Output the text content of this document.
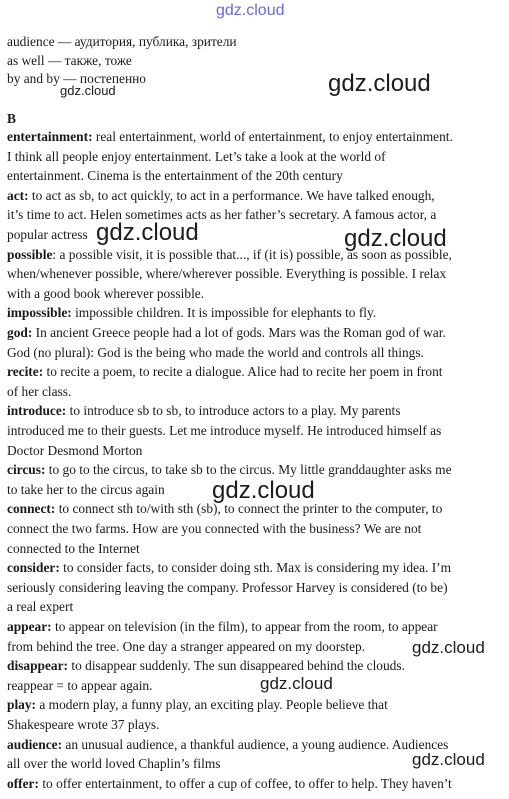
gdz.cloud
audience — аудитория, публика, зрители
as well — также, тоже
by and by — постепенно
gdz.cloud	gdz.cloud
B
entertainment: real entertainment, world of entertainment, to enjoy entertainment.
I think all people enjoy entertainment. Let’s take a look at the world of
entertainment. Cinema is the entertainment of the 20th century
act: to act as sb, to act quickly, to act in a performance. We have talked enough,
it’s time to act. Helen sometimes acts as her father’s secretary. A famous actor, a
popular actress
possible: a possible visit, it is possible that..., if (it is) possible, as soon as possible,
when/whenever possible, where/wherever possible. Everything is possible. I relax
with a good book wherever possible.
impossible: impossible children. It is impossible for elephants to fly.
god: In ancient Greece people had a lot of gods. Mars was the Roman god of war.
God (no plural): God is the being who made the world and controls all things.
recite: to recite a poem, to recite a dialogue. Alice had to recite her poem in front
of her class.
introduce: to introduce sb to sb, to introduce actors to a play. My parents
introduced me to their guests. Let me introduce myself. He introduced himself as
Doctor Desmond Morton
circus: to go to the circus, to take sb to the circus. My little granddaughter asks me
to take her to the circus again
connect: to connect sth to/with sth (sb), to connect the printer to the computer, to
connect the two farms. How are you connected with the business? We are not
connected to the Internet
consider: to consider facts, to consider doing sth. Max is considering my idea. I’m
seriously considering leaving the company. Professor Harvey is considered (to be)
a real expert
appear: to appear on television (in the film), to appear from the room, to appear
from behind the tree. One day a stranger appeared on my doorstep.
disappear: to disappear suddenly. The sun disappeared behind the clouds.
reappear = to appear again.
play: a modern play, a funny play, an exciting play. People believe that
Shakespeare wrote 37 plays.
audience: an unusual audience, a thankful audience, a young audience. Audiences
all over the world loved Chaplin’s films
offer: to offer entertainment, to offer a cup of coffee, to offer to help. They haven’t
gdz.cloud	gdz.cloud
gdz.cloud
gdz.cloud
gdz.cloud
gdz.cloud
